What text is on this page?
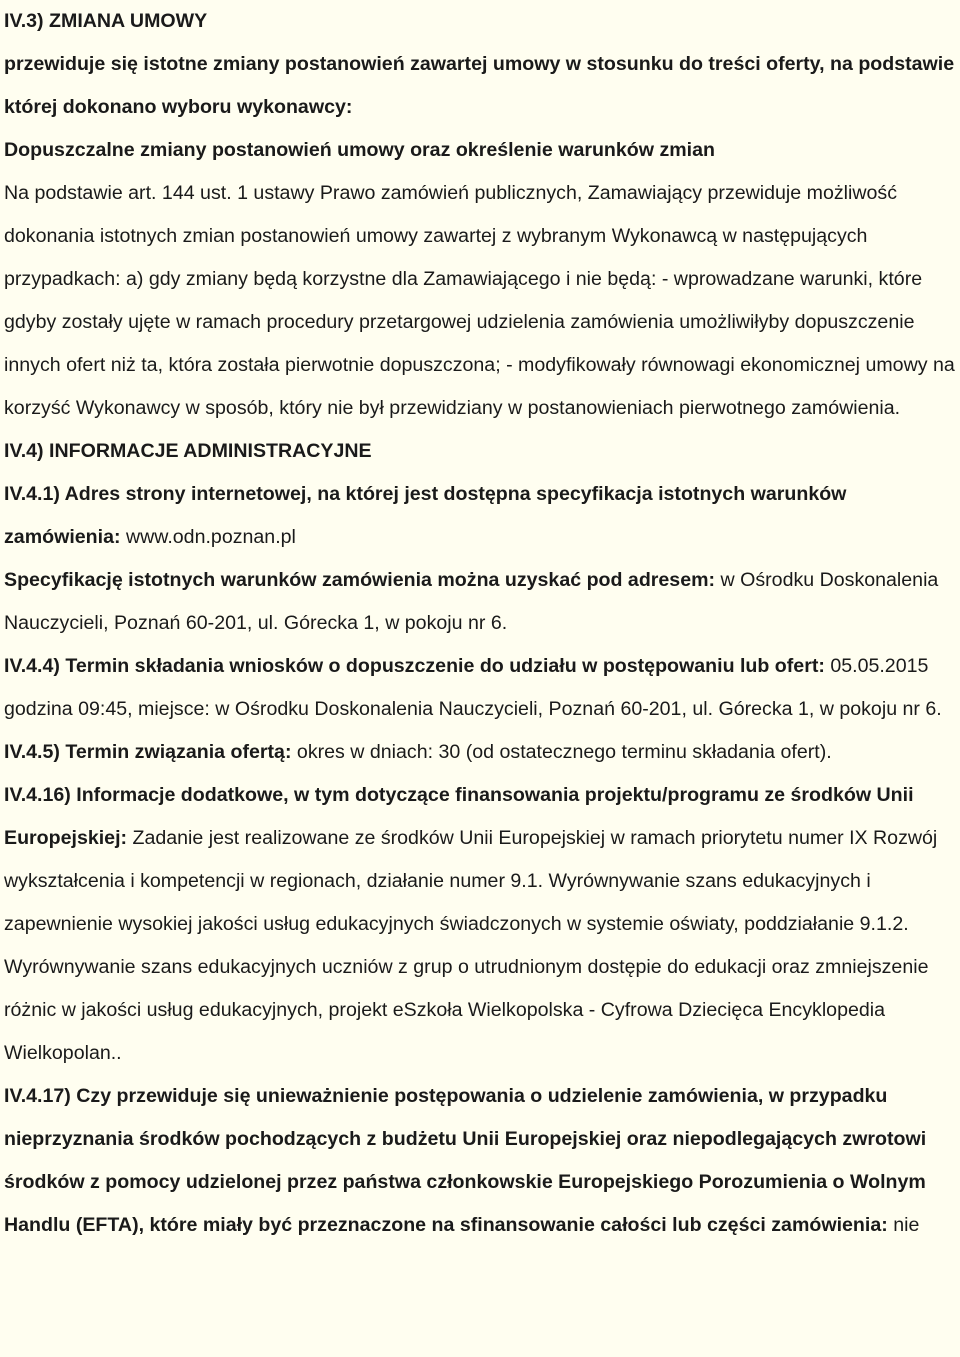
IV.3) ZMIANA UMOWY

przewiduje się istotne zmiany postanowień zawartej umowy w stosunku do treści oferty, na podstawie której dokonano wyboru wykonawcy:

Dopuszczalne zmiany postanowień umowy oraz określenie warunków zmian

Na podstawie art. 144 ust. 1 ustawy Prawo zamówień publicznych, Zamawiający przewiduje możliwość dokonania istotnych zmian postanowień umowy zawartej z wybranym Wykonawcą w następujących przypadkach: a) gdy zmiany będą korzystne dla Zamawiającego i nie będą: - wprowadzane warunki, które gdyby zostały ujęte w ramach procedury przetargowej udzielenia zamówienia umożliwiłyby dopuszczenie innych ofert niż ta, która została pierwotnie dopuszczona; - modyfikowały równowagi ekonomicznej umowy na korzyść Wykonawcy w sposób, który nie był przewidziany w postanowieniach pierwotnego zamówienia.

IV.4) INFORMACJE ADMINISTRACYJNE

IV.4.1) Adres strony internetowej, na której jest dostępna specyfikacja istotnych warunków zamówienia: www.odn.poznan.pl

Specyfikację istotnych warunków zamówienia można uzyskać pod adresem: w Ośrodku Doskonalenia Nauczycieli, Poznań 60-201, ul. Górecka 1, w pokoju nr 6.

IV.4.4) Termin składania wniosków o dopuszczenie do udziału w postępowaniu lub ofert: 05.05.2015 godzina 09:45, miejsce: w Ośrodku Doskonalenia Nauczycieli, Poznań 60-201, ul. Górecka 1, w pokoju nr 6.

IV.4.5) Termin związania ofertą: okres w dniach: 30 (od ostatecznego terminu składania ofert).

IV.4.16) Informacje dodatkowe, w tym dotyczące finansowania projektu/programu ze środków Unii Europejskiej: Zadanie jest realizowane ze środków Unii Europejskiej w ramach priorytetu numer IX Rozwój wykształcenia i kompetencji w regionach, działanie numer 9.1. Wyrównywanie szans edukacyjnych i zapewnienie wysokiej jakości usług edukacyjnych świadczonych w systemie oświaty, poddziałanie 9.1.2. Wyrównywanie szans edukacyjnych uczniów z grup o utrudnionym dostępie do edukacji oraz zmniejszenie różnic w jakości usług edukacyjnych, projekt eSzkoła Wielkopolska - Cyfrowa Dziecięca Encyklopedia Wielkopolan..

IV.4.17) Czy przewiduje się unieważnienie postępowania o udzielenie zamówienia, w przypadku nieprzyznania środków pochodzących z budżetu Unii Europejskiej oraz niepodlegających zwrotowi środków z pomocy udzielonej przez państwa członkowskie Europejskiego Porozumienia o Wolnym Handlu (EFTA), które miały być przeznaczone na sfinansowanie całości lub części zamówienia: nie
